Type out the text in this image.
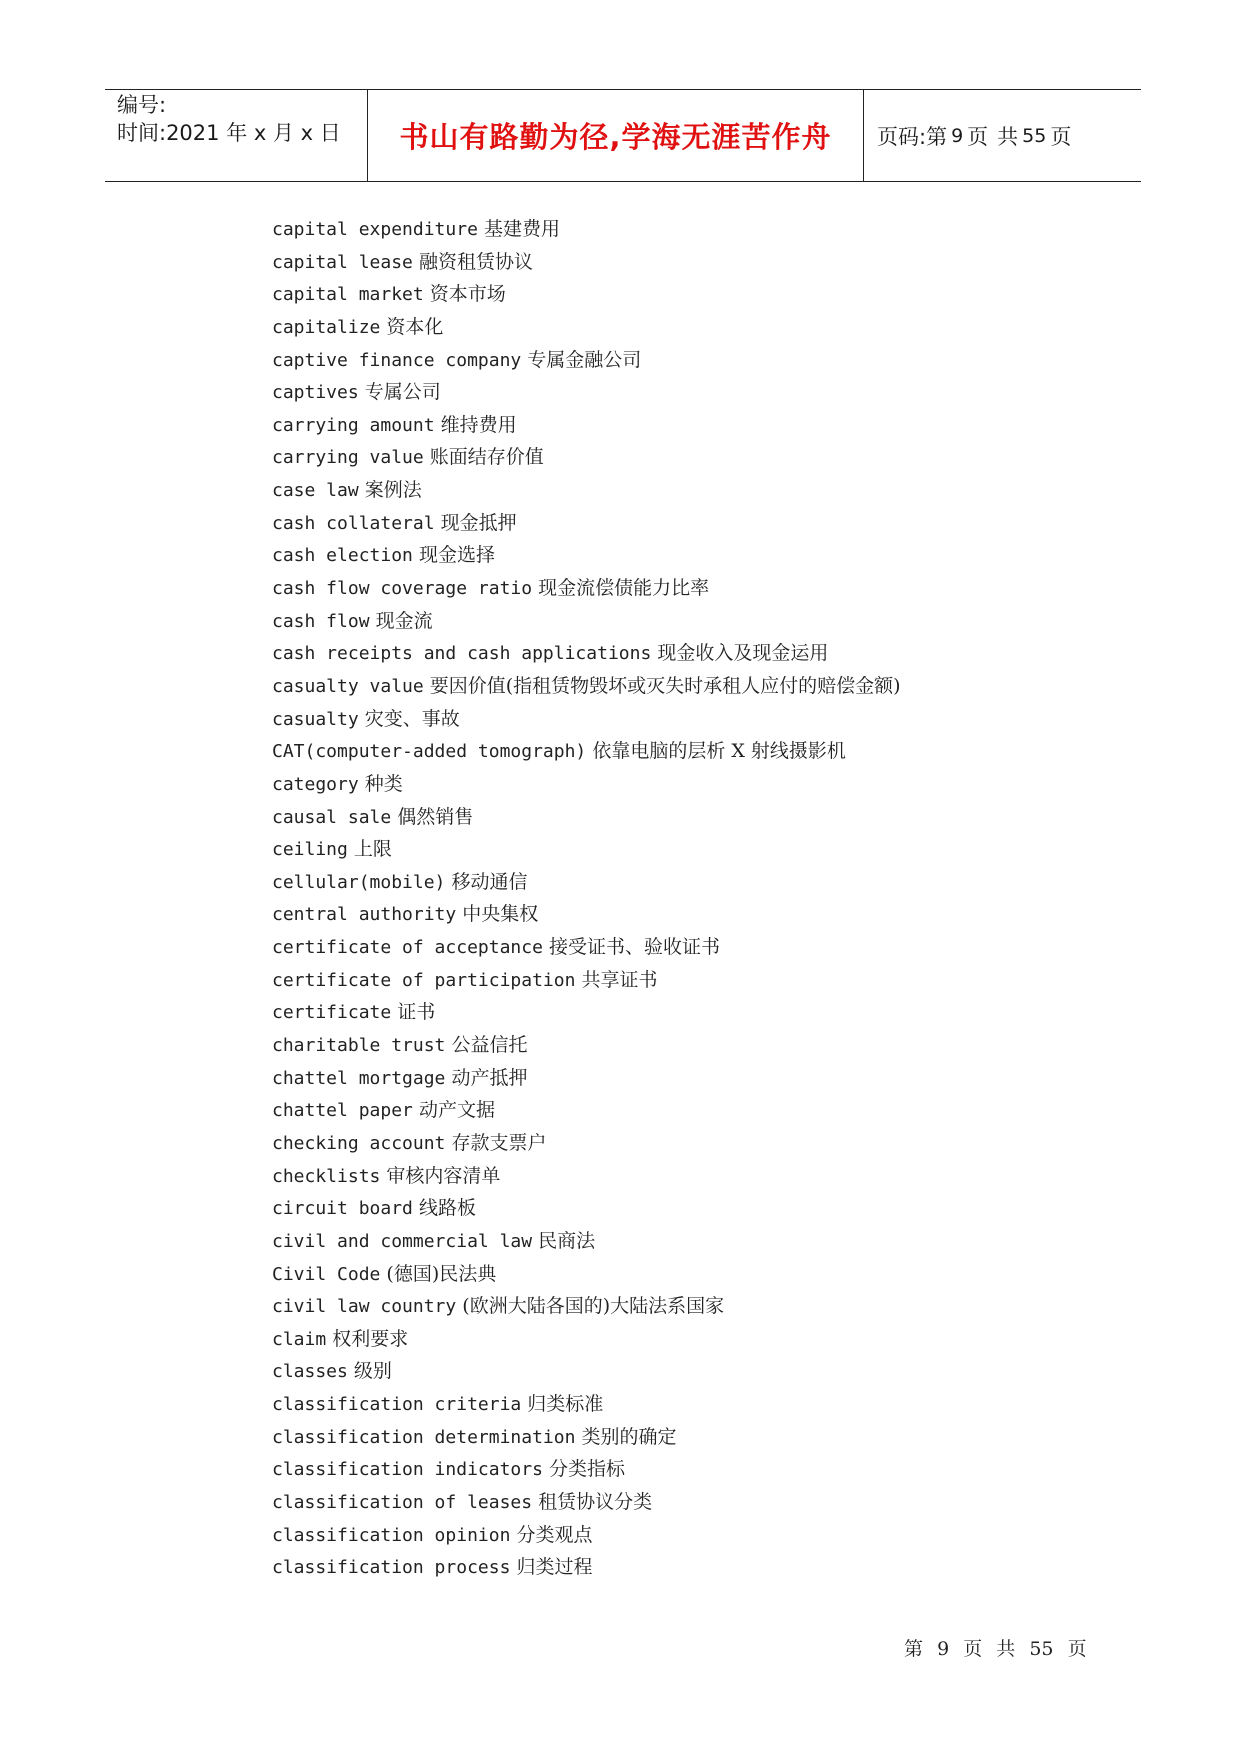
编号:
时间:2021 年 x 月 x 日	书山有路勤为径,学海无涯苦作舟	页码:第 9 页 共 55 页
capital expenditure 基建费用
capital lease 融资租赁协议
capital market 资本市场
capitalize 资本化
captive finance company 专属金融公司
captives 专属公司
carrying amount 维持费用
carrying value 账面结存价值
case law 案例法
cash collateral 现金抵押
cash election 现金选择
cash flow coverage ratio 现金流偿债能力比率
cash flow 现金流
cash receipts and cash applications 现金收入及现金运用
casualty value 要因价值(指租赁物毁坏或灭失时承租人应付的赔偿金额)
casualty 灾变、事故
CAT(computer-added tomograph) 依靠电脑的层析 X 射线摄影机
category 种类
causal sale 偶然销售
ceiling 上限
cellular(mobile) 移动通信
central authority 中央集权
certificate of acceptance 接受证书、验收证书
certificate of participation 共享证书
certificate 证书
charitable trust 公益信托
chattel mortgage 动产抵押
chattel paper 动产文据
checking account 存款支票户
checklists 审核内容清单
circuit board 线路板
civil and commercial law 民商法
Civil Code (德国)民法典
civil law country (欧洲大陆各国的)大陆法系国家
claim 权利要求
classes 级别
classification criteria 归类标准
classification determination 类别的确定
classification indicators 分类指标
classification of leases 租赁协议分类
classification opinion 分类观点
classification process 归类过程
第 9 页 共 55 页
